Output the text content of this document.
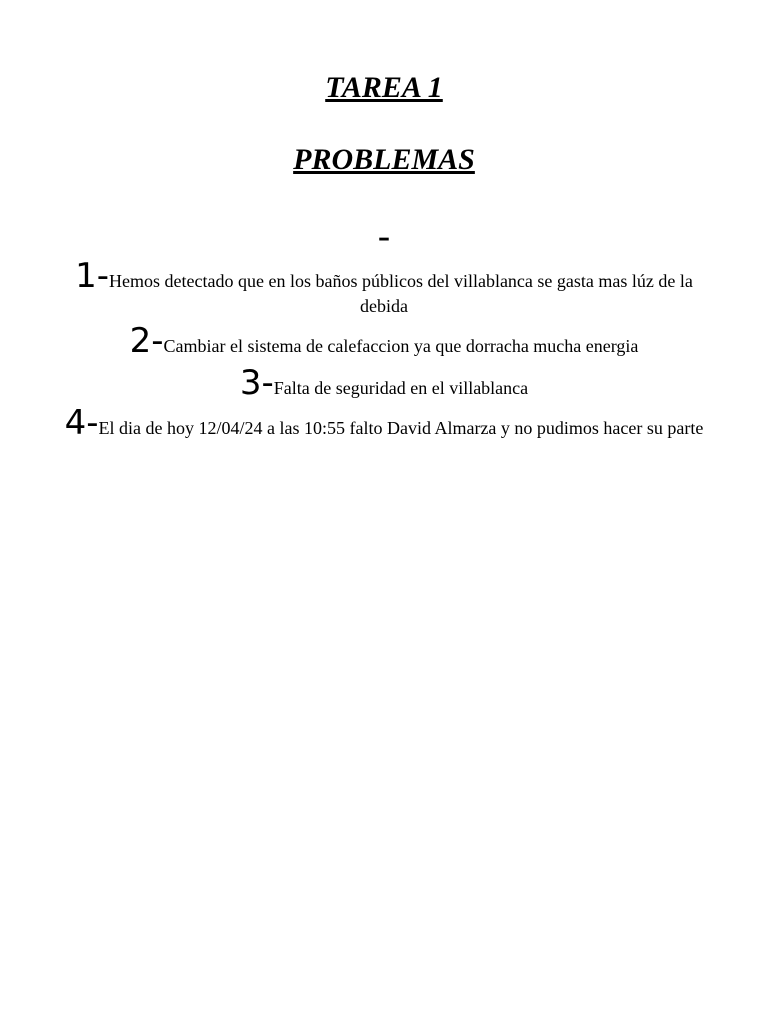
TAREA 1
PROBLEMAS
-

1-Hemos detectado que en los baños públicos del villablanca se gasta mas lúz de la debida

2-Cambiar el sistema de calefaccion ya que dorracha mucha energia

3-Falta de seguridad en el villablanca

4-El dia de hoy 12/04/24 a las 10:55 falto David Almarza y no pudimos hacer su parte
